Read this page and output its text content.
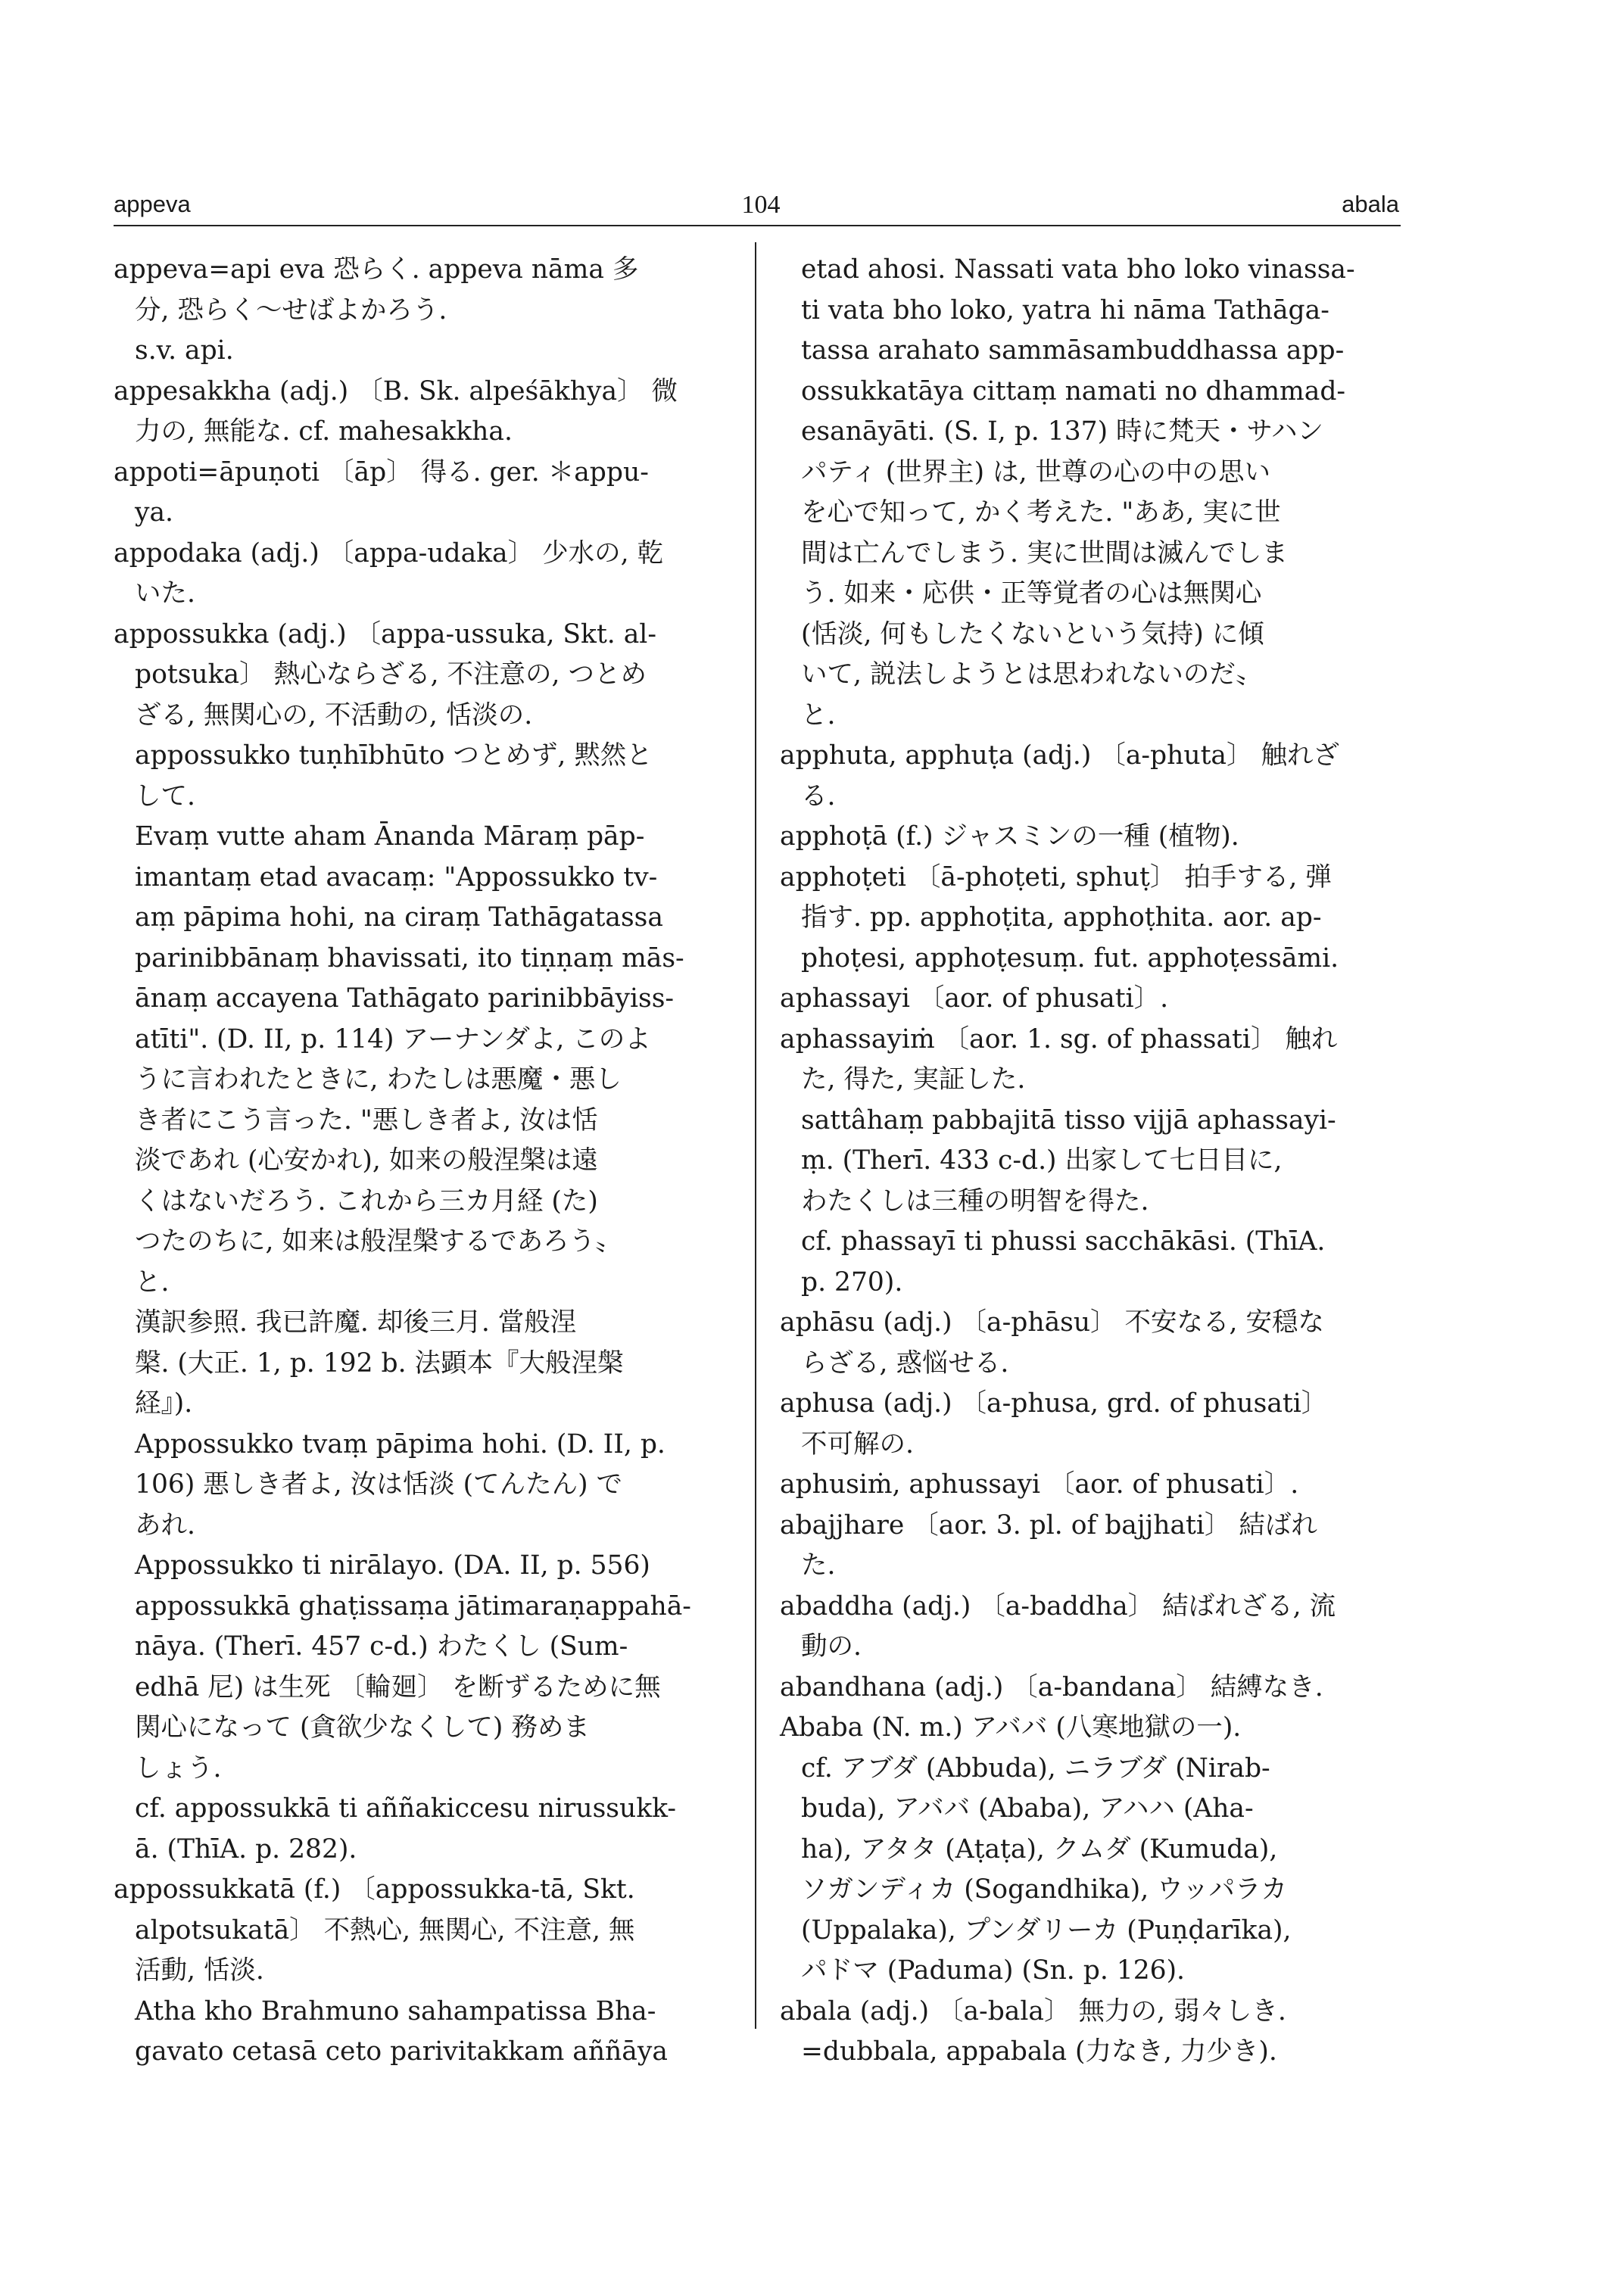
appeva	104	abala
appeva=api eva 恐らく. appeva nāma 多
分, 恐らく〜せばよかろう.
s.v. api.
appesakkha (adj.) 〔B. Sk. alpeśākhya〕 微
力の, 無能な. cf. mahesakkha.
appoti=āpuṇoti 〔āp〕 得る. ger. ＊appu-
ya.
appodaka (adj.) 〔appa-udaka〕 少水の, 乾
いた.
appossukka (adj.) 〔appa-ussuka, Skt. al-
potsuka〕 熱心ならざる, 不注意の, つとめ
ざる, 無関心の, 不活動の, 恬淡の.
appossukko tuṇhībhūto つとめず, 黙然と
して.
Evaṃ vutte aham Ānanda Māraṃ pāp-
imantaṃ etad avacaṃ: "Appossukko tv-
aṃ pāpima hohi, na ciraṃ Tathāgatassa
parinibbānaṃ bhavissati, ito tiṇṇaṃ mās-
ānaṃ accayena Tathāgato parinibbāyiss-
atīti". (D. II, p. 114) アーナンダよ, このよ
うに言われたときに, わたしは悪魔・悪し
き者にこう言った. "悪しき者よ, 汝は恬
淡であれ (心安かれ), 如来の般涅槃は遠
くはないだろう. これから三カ月経 (た)
つたのちに, 如来は般涅槃するであろう〟
と.
漢訳参照. 我已許魔. 却後三月. 當般涅
槃. (大正. 1, p. 192 b. 法顕本『大般涅槃
経』).
Appossukko tvaṃ pāpima hohi. (D. II, p.
106) 悪しき者よ, 汝は恬淡 (てんたん) で
あれ.
Appossukko ti nirālayo. (DA. II, p. 556)
appossukkā ghaṭissaṃa jātimaraṇappahā-
nāya. (Therī. 457 c-d.) わたくし (Sum-
edhā 尼) は生死 〔輪廻〕 を断ずるために無
関心になって (貪欲少なくして) 務めま
しょう.
cf. appossukkā ti aññakiccesu nirussukk-
ā. (ThīA. p. 282).
appossukkatā (f.) 〔appossukka-tā, Skt.
alpotsukatā〕 不熱心, 無関心, 不注意, 無
活動, 恬淡.
Atha kho Brahmuno sahampatissa Bha-
gavato cetasā ceto parivitakkam aññāya
etad ahosi. Nassati vata bho loko vinassa-
ti vata bho loko, yatra hi nāma Tathāga-
tassa arahato sammāsambuddhassa app-
ossukkatāya cittaṃ namati no dhammad-
esanāyāti. (S. I, p. 137) 時に梵天・サハン
パティ (世界主) は, 世尊の心の中の思い
を心で知って, かく考えた. "ああ, 実に世
間は亡んでしまう. 実に世間は滅んでしま
う. 如来・応供・正等覚者の心は無関心
(恬淡, 何もしたくないという気持) に傾
いて, 説法しようとは思われないのだ〟
と.
apphuta, apphuṭa (adj.) 〔a-phuta〕 触れざ
る.
apphoṭā (f.) ジャスミンの一種 (植物).
apphoṭeti 〔ā-phoṭeti, sphuṭ〕 拍手する, 弾
指す. pp. apphoṭita, apphoṭhita. aor. ap-
phoṭesi, apphoṭesuṃ. fut. apphoṭessāmi.
aphassayi 〔aor. of phusati〕.
aphassayiṁ 〔aor. 1. sg. of phassati〕 触れ
た, 得た, 実証した.
sattâhaṃ pabbajitā tisso vijjā aphassayi-
ṃ. (Therī. 433 c-d.) 出家して七日目に,
わたくしは三種の明智を得た.
cf. phassayī ti phussi sacchākāsi. (ThīA.
p. 270).
aphāsu (adj.) 〔a-phāsu〕 不安なる, 安穏な
らざる, 惑悩せる.
aphusa (adj.) 〔a-phusa, grd. of phusati〕
不可解の.
aphusiṁ, aphussayi 〔aor. of phusati〕.
abajjhare 〔aor. 3. pl. of bajjhati〕 結ばれ
た.
abaddha (adj.) 〔a-baddha〕 結ばれざる, 流
動の.
abandhana (adj.) 〔a-bandana〕 結縛なき.
Ababa (N. m.) アババ (八寒地獄の一).
cf. アブダ (Abbuda), ニラブダ (Nirab-
buda), アババ (Ababa), アハハ (Aha-
ha), アタタ (Aṭaṭa), クムダ (Kumuda),
ソガンディカ (Sogandhika), ウッパラカ
(Uppalaka), プンダリーカ (Puṇḍarīka),
パドマ (Paduma) (Sn. p. 126).
abala (adj.) 〔a-bala〕 無力の, 弱々しき.
=dubbala, appabala (力なき, 力少き).
